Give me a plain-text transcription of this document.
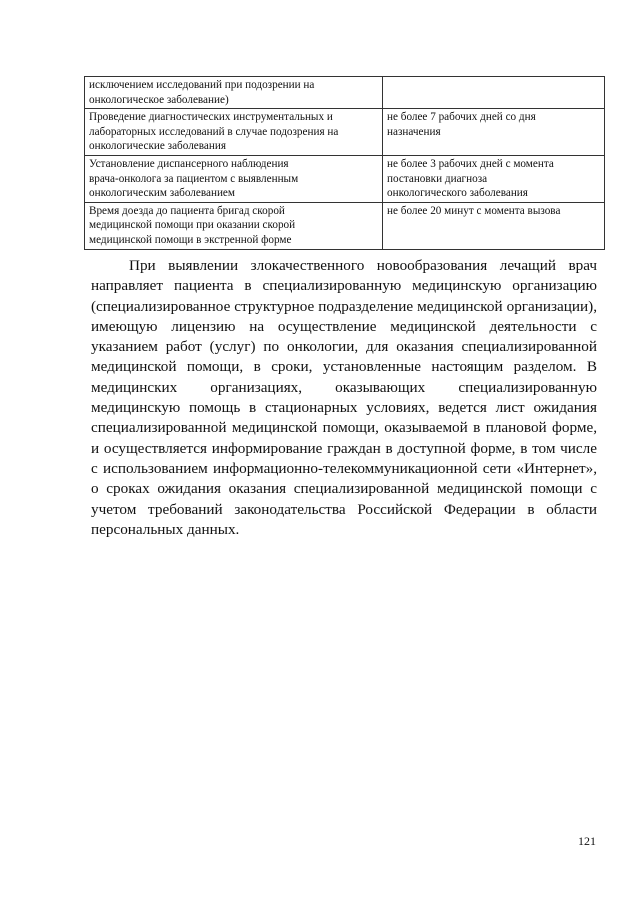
исключением исследований при подозрении на
онкологическое заболевание)	
Проведение диагностических инструментальных и
лабораторных исследований в случае подозрения на
онкологические заболевания	не более 7 рабочих дней со дня
назначения
Установление диспансерного наблюдения
врача-онколога за пациентом с выявленным
онкологическим заболеванием	не более 3 рабочих дней с момента
постановки диагноза
онкологического заболевания
Время доезда до пациента бригад скорой
медицинской помощи при оказании скорой
медицинской помощи в экстренной форме	не более 20 минут с момента вызова

При выявлении злокачественного новообразования лечащий врач направляет пациента в специализированную медицинскую организацию (специализированное структурное подразделение медицинской организации), имеющую лицензию на осуществление медицинской деятельности с указанием работ (услуг) по онкологии, для оказания специализированной медицинской помощи, в сроки, установленные настоящим разделом. В медицинских организациях, оказывающих специализированную медицинскую помощь в стационарных условиях, ведется лист ожидания специализированной медицинской помощи, оказываемой в плановой форме, и осуществляется информирование граждан в доступной форме, в том числе с использованием информационно-телекоммуникационной сети «Интернет», о сроках ожидания оказания специализированной медицинской помощи с учетом требований законодательства Российской Федерации в области персональных данных.

121
